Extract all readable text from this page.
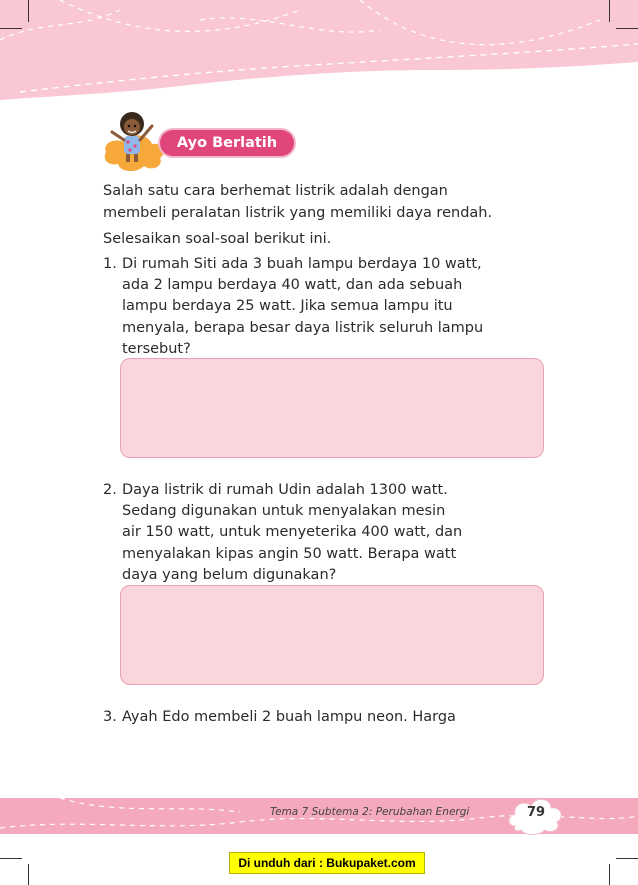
Ayo Berlatih

Salah satu cara berhemat listrik adalah dengan

membeli peralatan listrik yang memiliki daya rendah.

Selesaikan soal-soal berikut ini.

1. Di rumah Siti ada 3 buah lampu berdaya 10 watt,
ada 2 lampu berdaya 40 watt, dan ada sebuah
lampu berdaya 25 watt. Jika semua lampu itu
menyala, berapa besar daya listrik seluruh lampu
tersebut?
2. Daya listrik di rumah Udin adalah 1300 watt.
Sedang digunakan untuk menyalakan mesin
air 150 watt, untuk menyeterika 400 watt, dan
menyalakan kipas angin 50 watt. Berapa watt
daya yang belum digunakan?
3. Ayah Edo membeli 2 buah lampu neon. Harga
Tema 7 Subtema 2: Perubahan Energi	79
Di unduh dari : Bukupaket.com
